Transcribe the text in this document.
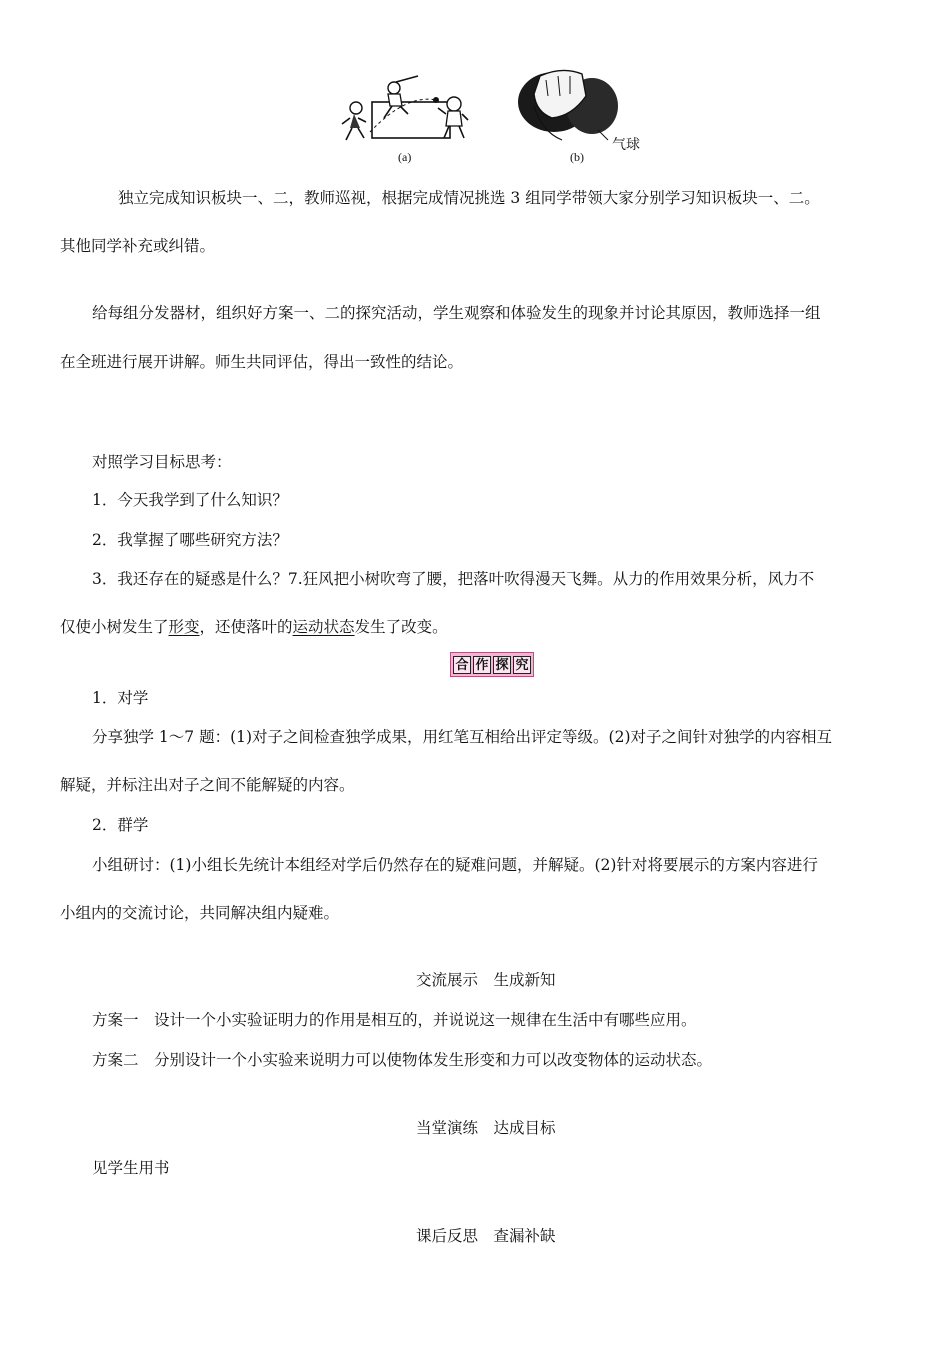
(a)	(b)
气球
独立完成知识板块一、二，教师巡视，根据完成情况挑选 3 组同学带领大家分别学习知识板块一、二。
其他同学补充或纠错。
给每组分发器材，组织好方案一、二的探究活动，学生观察和体验发生的现象并讨论其原因，教师选择一组
在全班进行展开讲解。师生共同评估，得出一致性的结论。
对照学习目标思考：
1．今天我学到了什么知识？
2．我掌握了哪些研究方法？
3．我还存在的疑惑是什么？7.狂风把小树吹弯了腰，把落叶吹得漫天飞舞。从力的作用效果分析，风力不
仅使小树发生了形变，还使落叶的运动状态发生了改变。
合 作 探 究
1．对学
分享独学 1～7 题：(1)对子之间检查独学成果，用红笔互相给出评定等级。(2)对子之间针对独学的内容相互
解疑，并标注出对子之间不能解疑的内容。
2．群学
小组研讨：(1)小组长先统计本组经对学后仍然存在的疑难问题，并解疑。(2)针对将要展示的方案内容进行
小组内的交流讨论，共同解决组内疑难。
交流展示　生成新知
方案一　设计一个小实验证明力的作用是相互的，并说说这一规律在生活中有哪些应用。
方案二　分别设计一个小实验来说明力可以使物体发生形变和力可以改变物体的运动状态。
当堂演练　达成目标
见学生用书
课后反思　查漏补缺
